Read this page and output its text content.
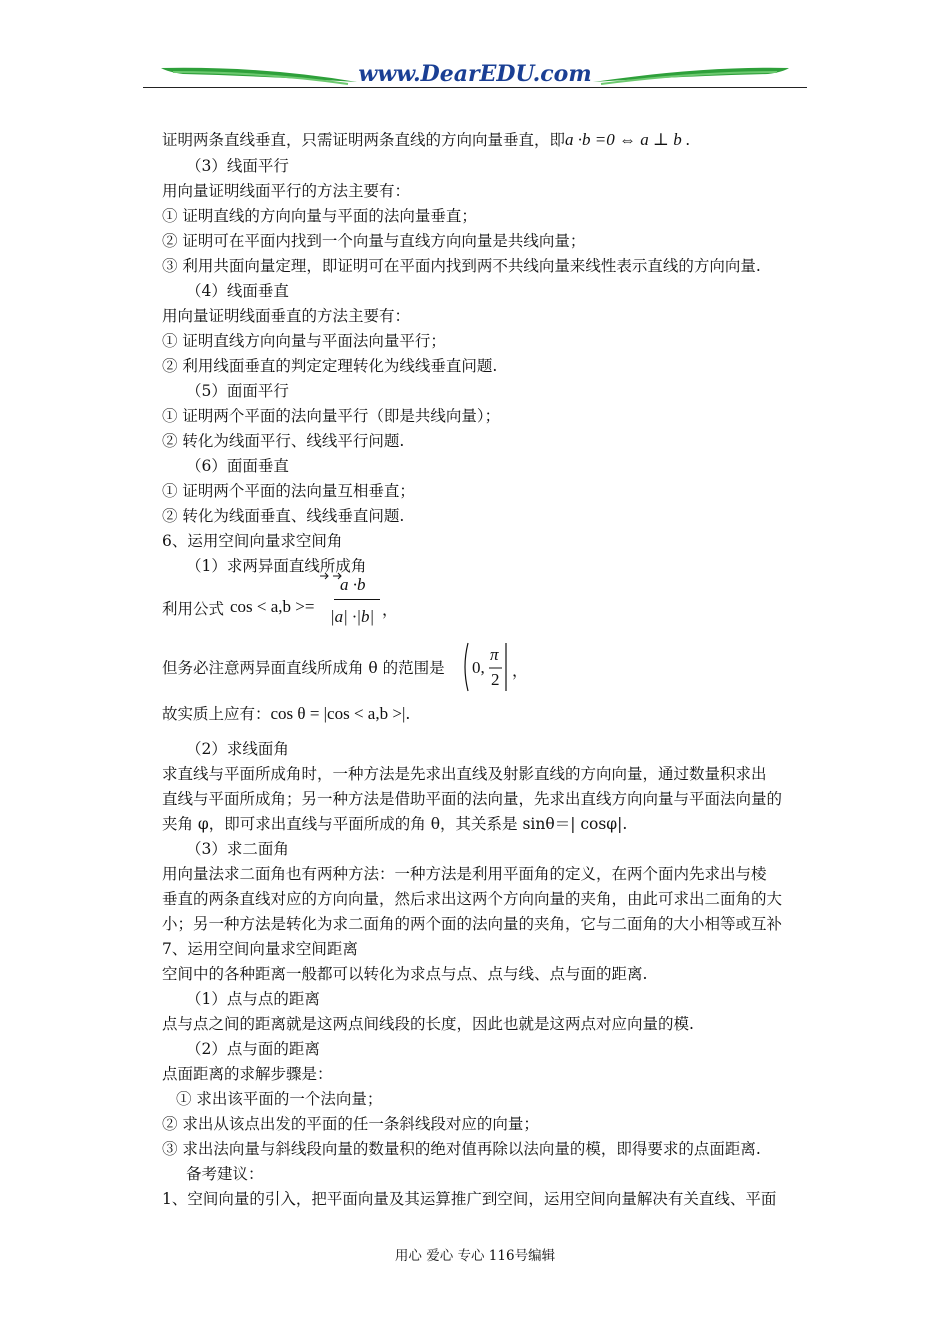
www.DearEDU.com
证明两条直线垂直，只需证明两条直线的方向向量垂直，即a ·b =0 ⇔ a ⊥ b .
（3）线面平行
用向量证明线面平行的方法主要有：
① 证明直线的方向向量与平面的法向量垂直；
② 证明可在平面内找到一个向量与直线方向向量是共线向量；
③ 利用共面向量定理，即证明可在平面内找到两不共线向量来线性表示直线的方向向量.
（4）线面垂直
用向量证明线面垂直的方法主要有：
① 证明直线方向向量与平面法向量平行；
② 利用线面垂直的判定定理转化为线线垂直问题.
（5）面面平行
① 证明两个平面的法向量平行（即是共线向量）；
② 转化为线面平行、线线平行问题.
（6）面面垂直
① 证明两个平面的法向量互相垂直；
② 转化为线面垂直、线线垂直问题.
6、运用空间向量求空间角
（1）求两异面直线所成角
利用公式 cos < a,b >=
a ·b
|a| ·|b| ，
但务必注意两异面直线所成角 θ 的范围是 0,
π
2 ，
故实质上应有：cos θ = |cos < a,b >|.
（2）求线面角
求直线与平面所成角时，一种方法是先求出直线及射影直线的方向向量，通过数量积求出
直线与平面所成角；另一种方法是借助平面的法向量，先求出直线方向向量与平面法向量的
夹角 φ，即可求出直线与平面所成的角 θ，其关系是 sinθ＝| cosφ|.
（3）求二面角
用向量法求二面角也有两种方法：一种方法是利用平面角的定义，在两个面内先求出与棱
垂直的两条直线对应的方向向量，然后求出这两个方向向量的夹角，由此可求出二面角的大
小；另一种方法是转化为求二面角的两个面的法向量的夹角，它与二面角的大小相等或互补
7、运用空间向量求空间距离
空间中的各种距离一般都可以转化为求点与点、点与线、点与面的距离.
（1）点与点的距离
点与点之间的距离就是这两点间线段的长度，因此也就是这两点对应向量的模.
（2）点与面的距离
点面距离的求解步骤是：
① 求出该平面的一个法向量；
② 求出从该点出发的平面的任一条斜线段对应的向量；
③ 求出法向量与斜线段向量的数量积的绝对值再除以法向量的模，即得要求的点面距离.
备考建议：
1、空间向量的引入，把平面向量及其运算推广到空间，运用空间向量解决有关直线、平面
用心 爱心 专心 116号编辑
